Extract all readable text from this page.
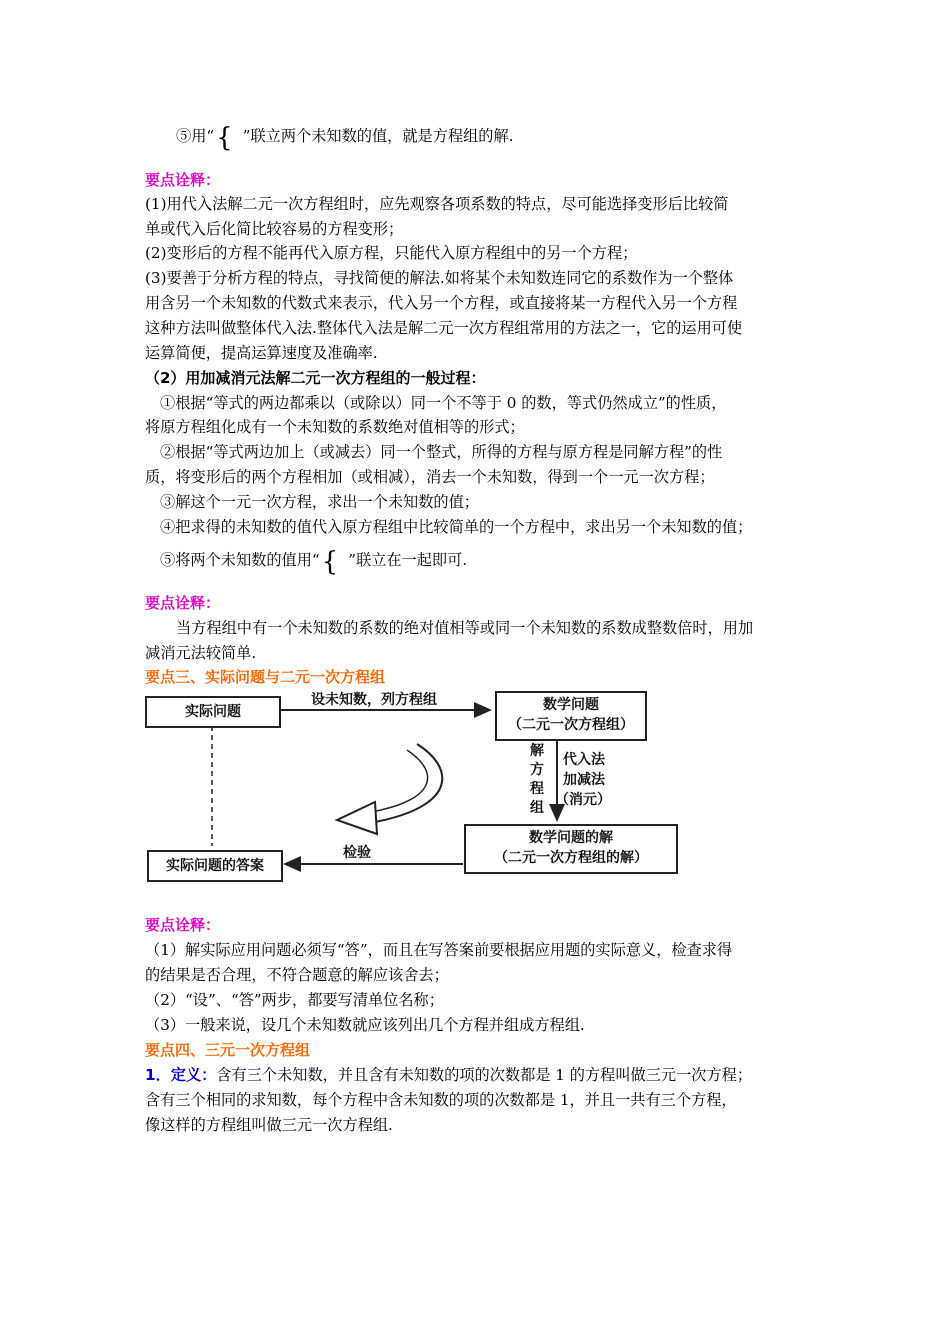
⑤用“{ ”联立两个未知数的值，就是方程组的解.
要点诠释：
(1)用代入法解二元一次方程组时，应先观察各项系数的特点，尽可能选择变形后比较简
单或代入后化简比较容易的方程变形；
(2)变形后的方程不能再代入原方程，只能代入原方程组中的另一个方程；
(3)要善于分析方程的特点，寻找简便的解法.如将某个未知数连同它的系数作为一个整体
用含另一个未知数的代数式来表示，代入另一个方程，或直接将某一方程代入另一个方程
这种方法叫做整体代入法.整体代入法是解二元一次方程组常用的方法之一，它的运用可使
运算简便，提高运算速度及准确率.
（2）用加减消元法解二元一次方程组的一般过程：
①根据“等式的两边都乘以（或除以）同一个不等于 0 的数，等式仍然成立”的性质，
将原方程组化成有一个未知数的系数绝对值相等的形式；
②根据“等式两边加上（或减去）同一个整式，所得的方程与原方程是同解方程”的性
质，将变形后的两个方程相加（或相减），消去一个未知数，得到一个一元一次方程；
③解这个一元一次方程，求出一个未知数的值；
④把求得的未知数的值代入原方程组中比较简单的一个方程中，求出另一个未知数的值；
⑤将两个未知数的值用“{ ”联立在一起即可.
要点诠释：
当方程组中有一个未知数的系数的绝对值相等或同一个未知数的系数成整数倍时，用加
减消元法较简单.
要点三、实际问题与二元一次方程组
实际问题
设未知数，列方程组	数学问题
（二元一次方程组）
解
方
程
组
代入法
加减法
（消元）
数学问题的解
（二元一次方程组的解）
检验
实际问题的答案
要点诠释：
（1）解实际应用问题必须写“答”，而且在写答案前要根据应用题的实际意义，检查求得
的结果是否合理，不符合题意的解应该舍去；
（2）“设”、“答”两步，都要写清单位名称；
（3）一般来说，设几个未知数就应该列出几个方程并组成方程组.
要点四、三元一次方程组
1．定义：含有三个未知数，并且含有未知数的项的次数都是 1 的方程叫做三元一次方程；
含有三个相同的求知数，每个方程中含未知数的项的次数都是 1，并且一共有三个方程，
像这样的方程组叫做三元一次方程组.
